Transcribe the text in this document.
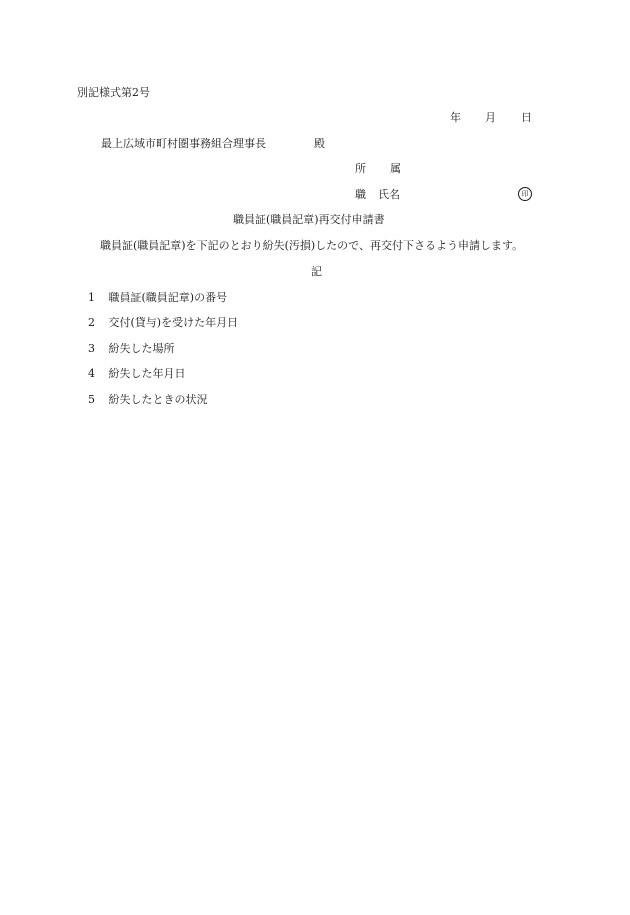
別記様式第2号
年 月 日
最上広域市町村圏事務組合理事長	殿
所 属
職 氏名	印
職員証(職員記章)再交付申請書
職員証(職員記章)を下記のとおり紛失(汚損)したので、再交付下さるよう申請します。
記
1 職員証(職員記章)の番号
2 交付(貸与)を受けた年月日
3 紛失した場所
4 紛失した年月日
5 紛失したときの状況
